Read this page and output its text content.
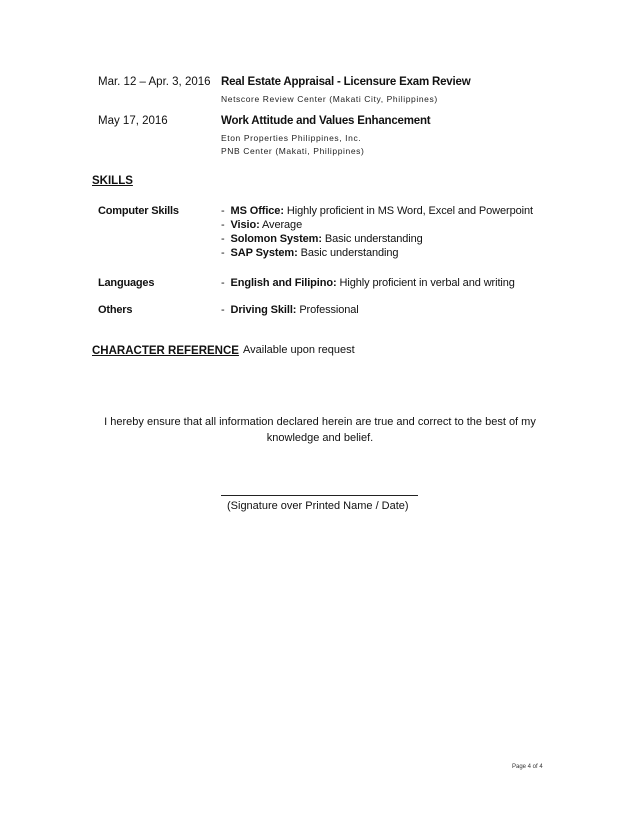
Mar. 12 – Apr. 3, 2016 Real Estate Appraisal - Licensure Exam Review
Netscore Review Center (Makati City, Philippines)
May 17, 2016	Work Attitude and Values Enhancement
Eton Properties Philippines, Inc.
PNB Center (Makati, Philippines)
SKILLS
Computer Skills	- MS Office: Highly proficient in MS Word, Excel and Powerpoint
- Visio: Average
- Solomon System: Basic understanding
- SAP System: Basic understanding
Languages	- English and Filipino: Highly proficient in verbal and writing
Others	- Driving Skill: Professional
CHARACTER REFERENCE Available upon request
I hereby ensure that all information declared herein are true and correct to the best of my knowledge and belief.
(Signature over Printed Name / Date)
Page 4 of 4
